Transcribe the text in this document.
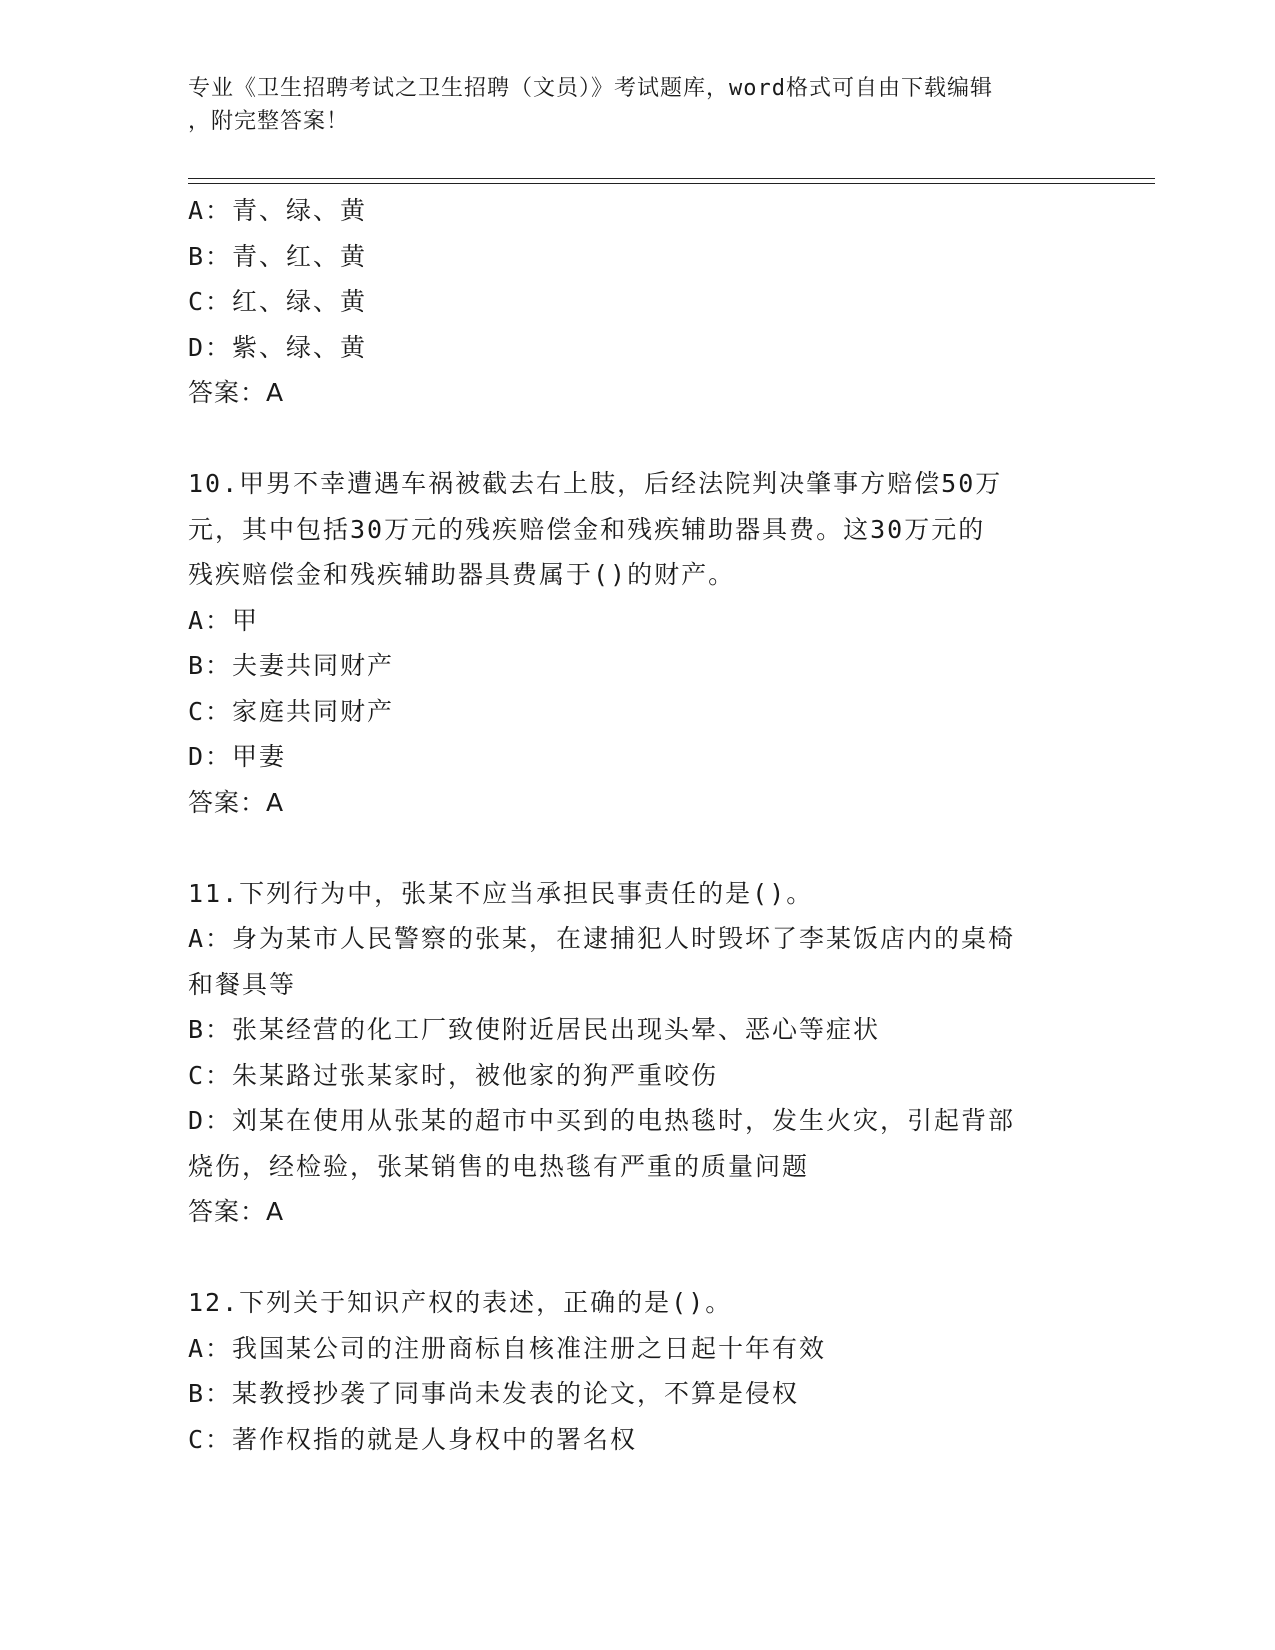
专业《卫生招聘考试之卫生招聘（文员）》考试题库，word格式可自由下载编辑
，附完整答案！
A：青、绿、黄
B：青、红、黄
C：红、绿、黄
D：紫、绿、黄
答案：A
10.甲男不幸遭遇车祸被截去右上肢，后经法院判决肇事方赔偿50万
元，其中包括30万元的残疾赔偿金和残疾辅助器具费。这30万元的
残疾赔偿金和残疾辅助器具费属于()的财产。
A：甲
B：夫妻共同财产
C：家庭共同财产
D：甲妻
答案：A
11.下列行为中，张某不应当承担民事责任的是()。
A：身为某市人民警察的张某，在逮捕犯人时毁坏了李某饭店内的桌椅
和餐具等
B：张某经营的化工厂致使附近居民出现头晕、恶心等症状
C：朱某路过张某家时，被他家的狗严重咬伤
D：刘某在使用从张某的超市中买到的电热毯时，发生火灾，引起背部
烧伤，经检验，张某销售的电热毯有严重的质量问题
答案：A
12.下列关于知识产权的表述，正确的是()。
A：我国某公司的注册商标自核准注册之日起十年有效
B：某教授抄袭了同事尚未发表的论文，不算是侵权
C：著作权指的就是人身权中的署名权
